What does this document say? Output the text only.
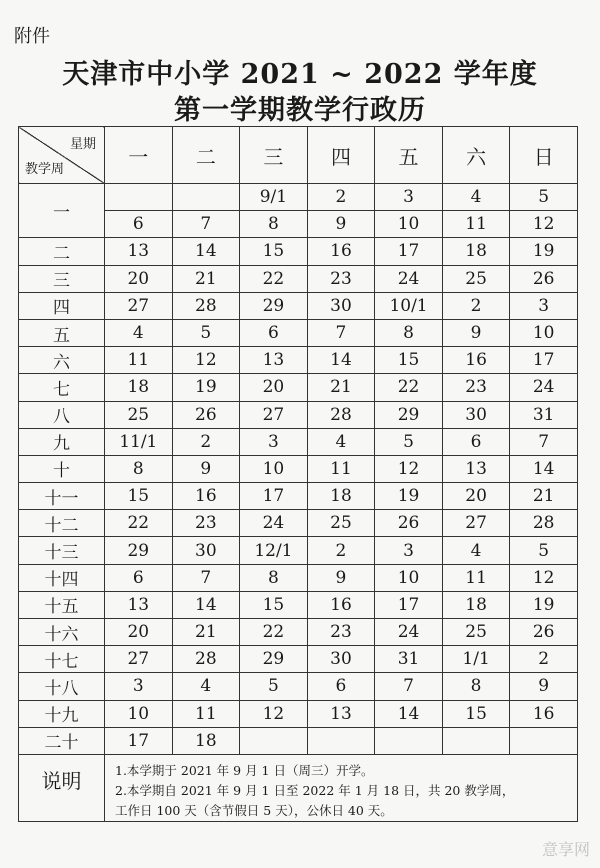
附件
天津市中小学 2021 ~ 2022 学年度
第一学期教学行政历
星期
教学周	一	二	三	四	五	六	日
一			9/1	2	3	4	5
	6	7	8	9	10	11	12
二	13	14	15	16	17	18	19
三	20	21	22	23	24	25	26
四	27	28	29	30	10/1	2	3
五	4	5	6	7	8	9	10
六	11	12	13	14	15	16	17
七	18	19	20	21	22	23	24
八	25	26	27	28	29	30	31
九	11/1	2	3	4	5	6	7
十	8	9	10	11	12	13	14
十一	15	16	17	18	19	20	21
十二	22	23	24	25	26	27	28
十三	29	30	12/1	2	3	4	5
十四	6	7	8	9	10	11	12
十五	13	14	15	16	17	18	19
十六	20	21	22	23	24	25	26
十七	27	28	29	30	31	1/1	2
十八	3	4	5	6	7	8	9
十九	10	11	12	13	14	15	16
二十	17	18					
说明	1.本学期于 2021 年 9 月 1 日（周三）开学。
2.本学期自 2021 年 9 月 1 日至 2022 年 1 月 18 日，共 20 教学周，
工作日 100 天（含节假日 5 天），公休日 40 天。						
意享网
